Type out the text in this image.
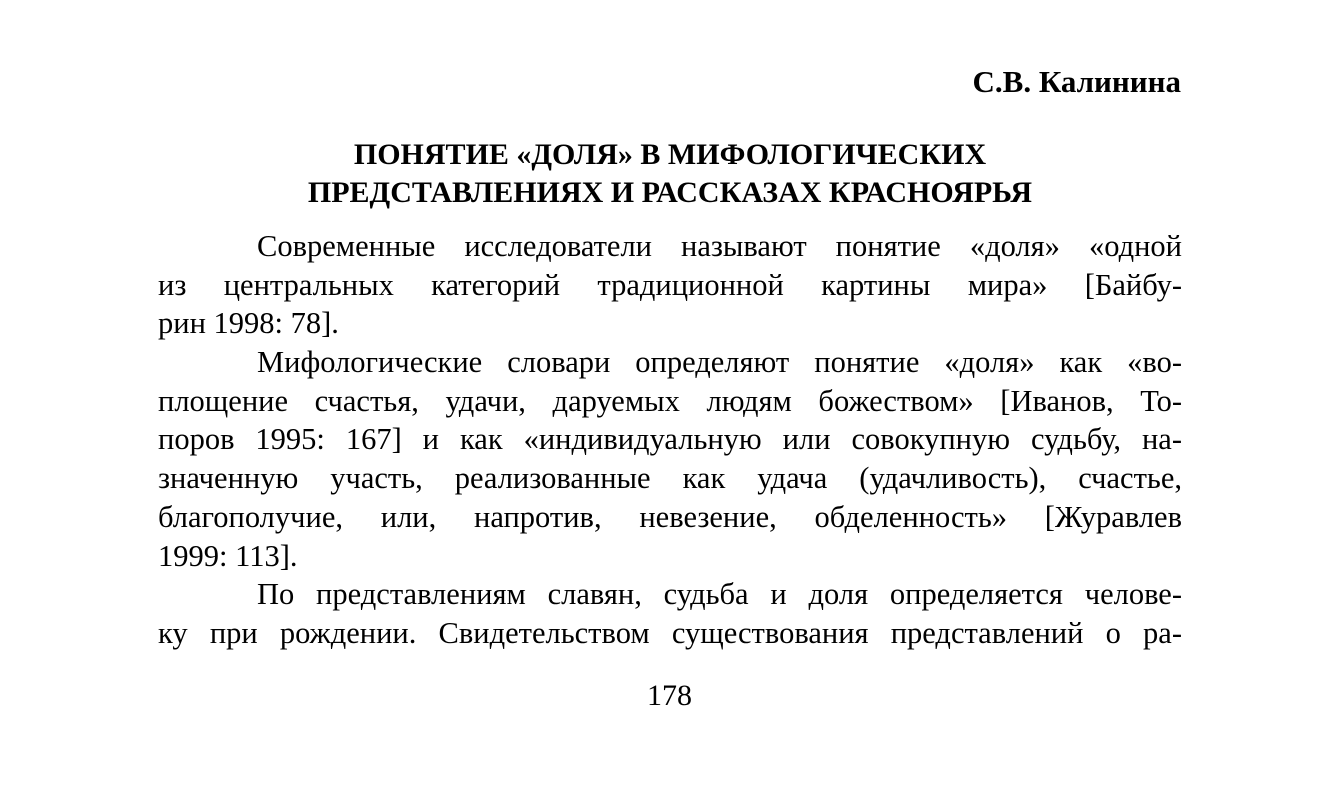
С.В. Калинина
ПОНЯТИЕ «ДОЛЯ» В МИФОЛОГИЧЕСКИХ
ПРЕДСТАВЛЕНИЯХ И РАССКАЗАХ КРАСНОЯРЬЯ
Современные исследователи называют понятие «доля» «одной
из центральных категорий традиционной картины мира» [Байбу-
рин 1998: 78].
Мифологические словари определяют понятие «доля» как «во-
площение счастья, удачи, даруемых людям божеством» [Иванов, То-
поров 1995: 167] и как «индивидуальную или совокупную судьбу, на-
значенную участь, реализованные как удача (удачливость), счастье,
благополучие, или, напротив, невезение, обделенность» [Журавлев
1999: 113].
По представлениям славян, судьба и доля определяется челове-
ку при рождении. Свидетельством существования представлений о ра-
178
